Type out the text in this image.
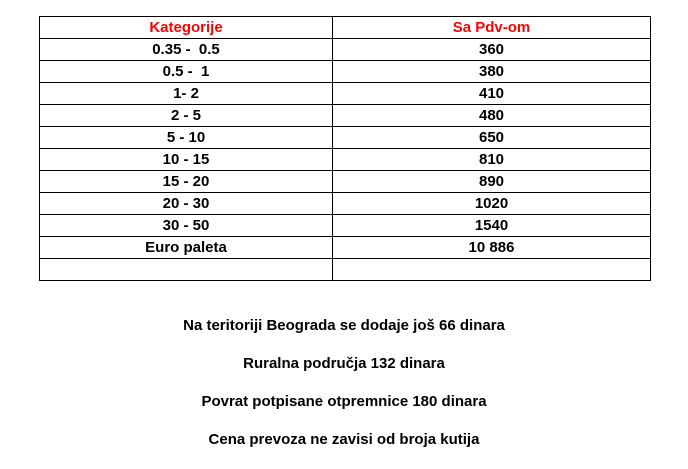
Kategorije	Sa Pdv-om
0.35 -  0.5	360
0.5 -  1	380
1- 2	410
2 - 5	480
5 - 10	650
10 - 15	810
15 - 20	890
20 - 30	1020
30 - 50	1540
Euro paleta	10 886

Na teritoriji Beograda se dodaje još 66 dinara
Ruralna područja 132 dinara
Povrat potpisane otpremnice 180 dinara
Cena prevoza ne zavisi od broja kutija
